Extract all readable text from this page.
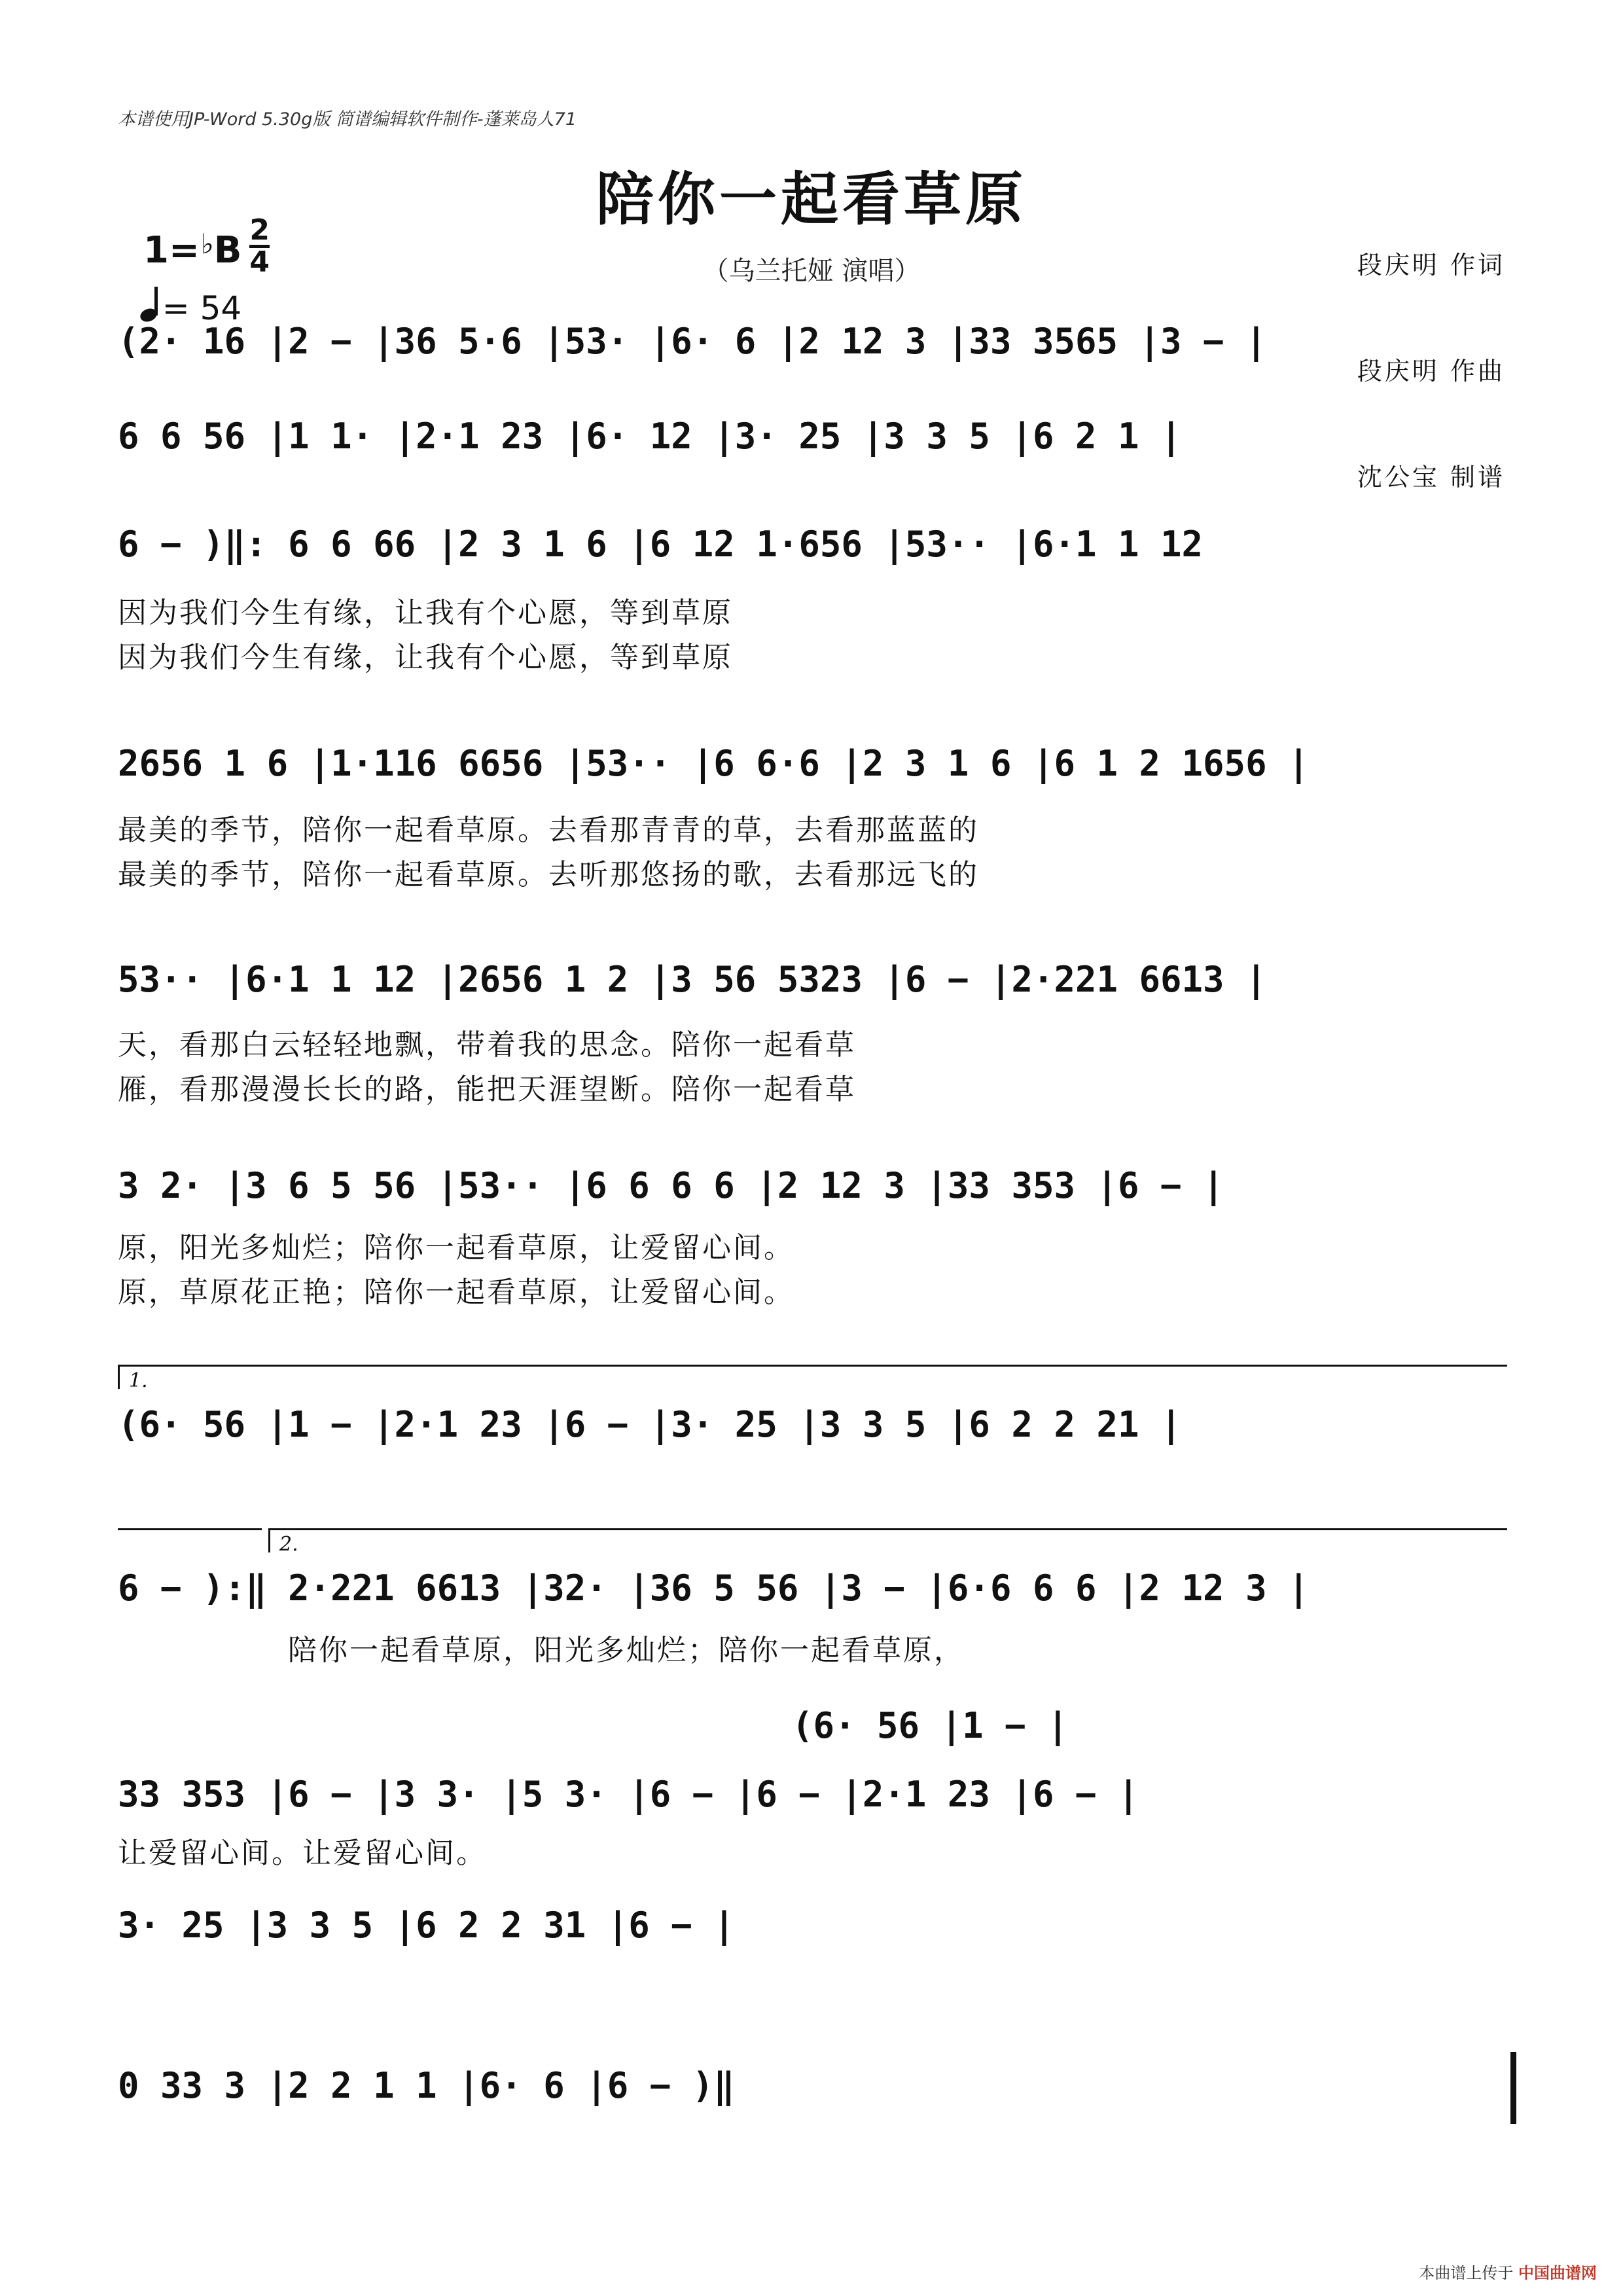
本谱使用JP-Word 5.30g版 简谱编辑软件制作-蓬莱岛人71

$1=^♭B \frac{2}{4}$

= 54

陪你一起看草原
（乌兰托娅 演唱）

	段庆明 作词

段庆明 作曲

沈公宝 制谱

(2· 16 |2 − |36 5·6 |53· |6· 6 |2 12 3 |33 3565 |3 − |
6 6 56 |1 1· |2·1 23 |6· 12 |3· 25 |3 3 5 |6 2 1 |
6 − )‖: 6 6 66 |2 3 1 6 |6 12 1·656 |53·· |6·1 1 12
因为我们今生有缘，让我有个心愿，等到草原
因为我们今生有缘，让我有个心愿，等到草原
2656 1 6 |1·116 6656 |53·· |6 6·6 |2 3 1 6 |6 1 2 1656 |
最美的季节，陪你一起看草原。去看那青青的草，去看那蓝蓝的
最美的季节，陪你一起看草原。去听那悠扬的歌，去看那远飞的
53·· |6·1 1 12 |2656 1 2 |3 56 5323 |6 − |2·221 6613 |
天，看那白云轻轻地飘，带着我的思念。陪你一起看草
雁，看那漫漫长长的路，能把天涯望断。陪你一起看草
3 2· |3 6 5 56 |53·· |6 6 6 6 |2 12 3 |33 353 |6 − |
原，阳光多灿烂；陪你一起看草原，让爱留心间。
原，草原花正艳；陪你一起看草原，让爱留心间。
1.
(6· 56 |1 − |2·1 23 |6 − |3· 25 |3 3 5 |6 2 2 21 |
2.
6 − ):‖ 2·221 6613 |32· |36 5 56 |3 − |6·6 6 6 |2 12 3 |
陪你一起看草原，阳光多灿烂；陪你一起看草原，
(6· 56 |1 − |
33 353 |6 − |3 3· |5 3· |6 − |6 − |2·1 23 |6 − |
让爱留心间。让爱留心间。
3· 25 |3 3 5 |6 2 2 31 |6 − |
0 33 3 |2 2 1 1 |6· 6 |6 − )‖
本曲谱上传于 中国曲谱网
